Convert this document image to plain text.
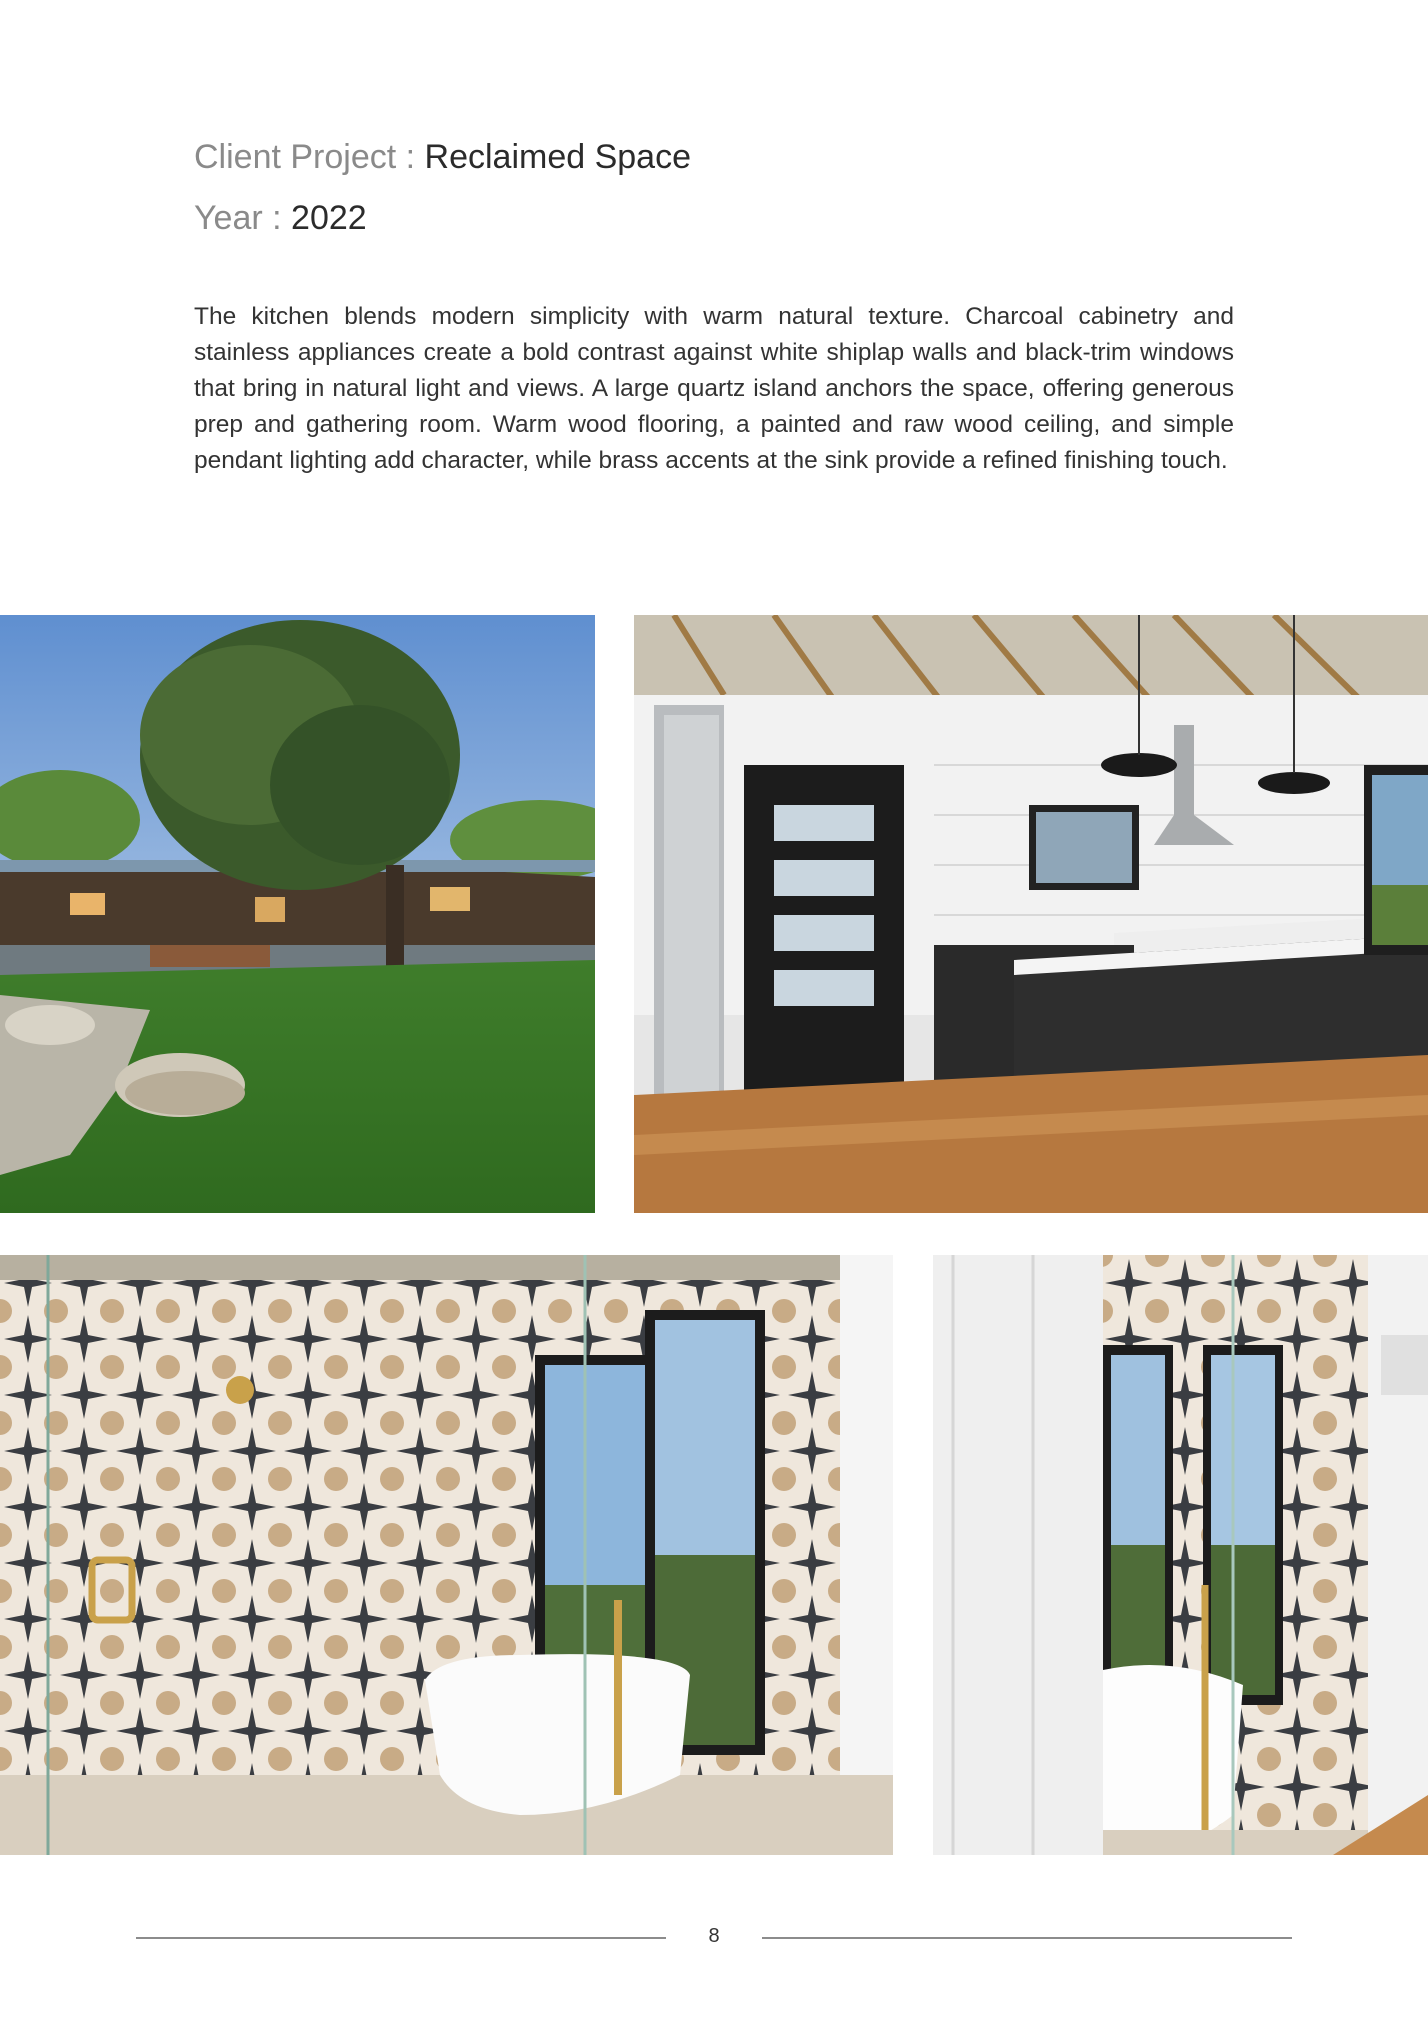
Client Project : Reclaimed Space
Year : 2022

The kitchen blends modern simplicity with warm natural texture. Charcoal cabinetry and stainless appliances create a bold contrast against white shiplap walls and black-trim windows that bring in natural light and views. A large quartz island anchors the space, offering generous prep and gathering room. Warm wood flooring, a painted and raw wood ceiling, and simple pendant lighting add character, while brass accents at the sink provide a refined finishing touch.

8
